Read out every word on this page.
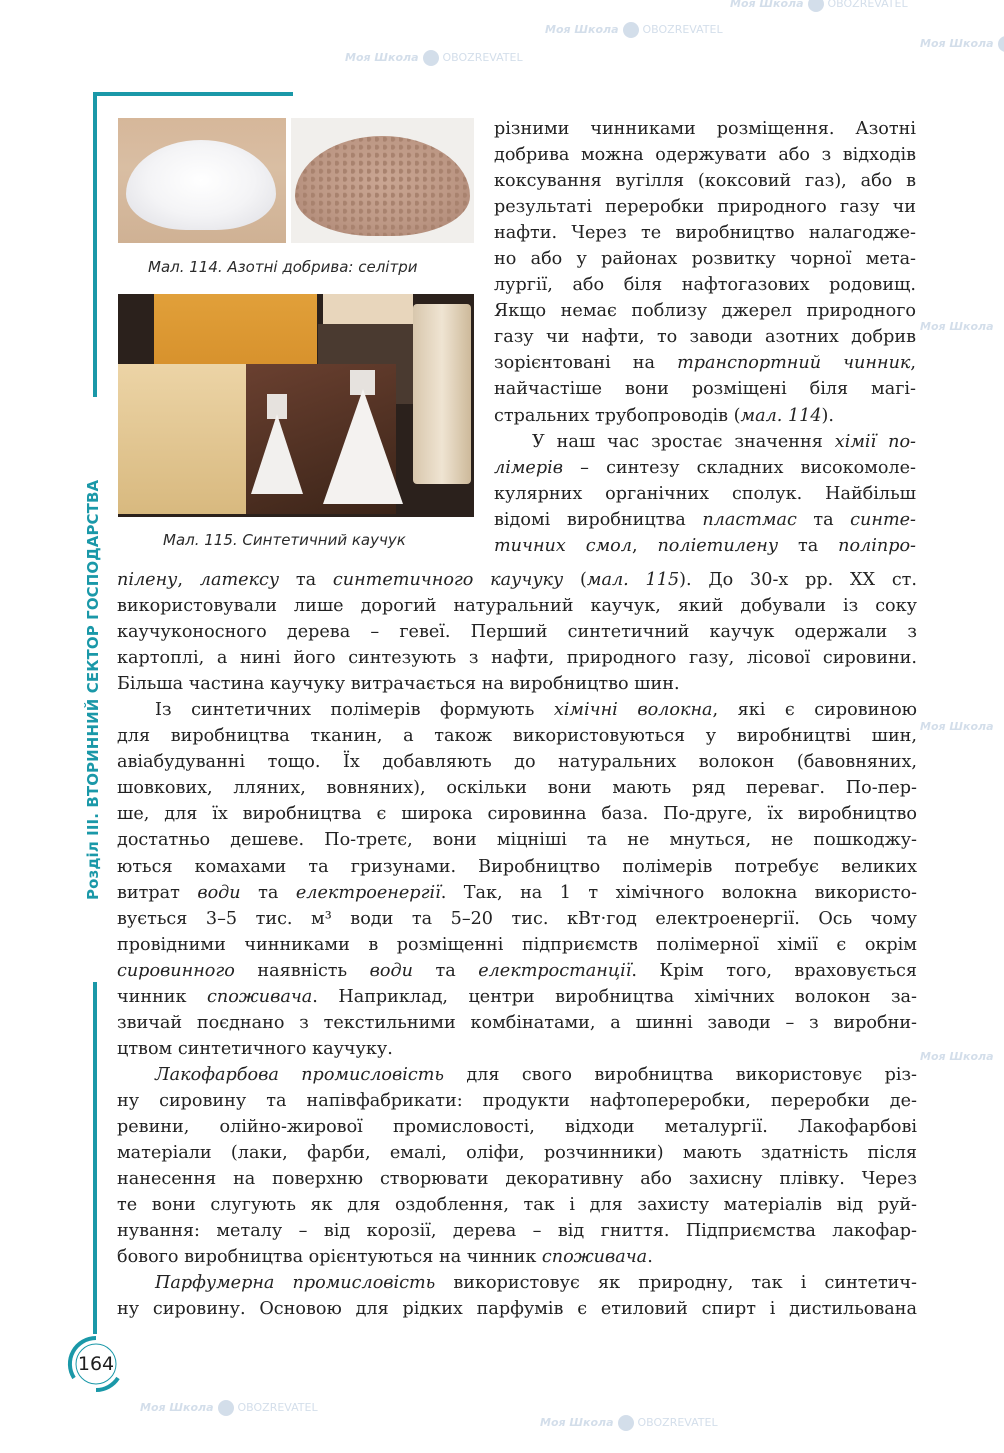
Моя Школа OBOZREVATEL
Моя Школа OBOZREVATEL
Моя Школа
Моя Школа OBOZREVATEL
Моя Школа
Моя Школа
Моя Школа
Моя Школа OBOZREVATEL
Моя Школа OBOZREVATEL
Розділ III. ВТОРИННИЙ СЕКТОР ГОСПОДАРСТВА
164
Мал. 114. Азотні добрива: селітри
Мал. 115. Синтетичний каучук
різними чинниками розміщення. Азотні
добрива можна одержувати або з відходів
коксування вугілля (коксовий газ), або в
результаті переробки природного газу чи
нафти. Через те виробництво налагодже-
но або у районах розвитку чорної мета-
лургії, або біля нафтогазових родовищ.
Якщо немає поблизу джерел природного
газу чи нафти, то заводи азотних добрив
зорієнтовані на транспортний чинник,
найчастіше вони розміщені біля магі-
стральних трубопроводів (мал. 114).
У наш час зростає значення хімії по-
лімерів – синтезу складних високомоле-
кулярних органічних сполук. Найбільш
відомі виробництва пластмас та синте-
тичних смол, поліетилену та поліпро-
пілену, латексу та синтетичного каучуку (мал. 115). До 30-х рр. XX ст.
використовували лише дорогий натуральний каучук, який добували із соку
каучуконосного дерева – гевеї. Перший синтетичний каучук одержали з
картоплі, а нині його синтезують з нафти, природного газу, лісової сировини.
Більша частина каучуку витрачається на виробництво шин.
Із синтетичних полімерів формують хімічні волокна, які є сировиною
для виробництва тканин, а також використовуються у виробництві шин,
авіабудуванні тощо. Їх добавляють до натуральних волокон (бавовняних,
шовкових, лляних, вовняних), оскільки вони мають ряд переваг. По-пер-
ше, для їх виробництва є широка сировинна база. По-друге, їх виробництво
достатньо дешеве. По-третє, вони міцніші та не мнуться, не пошкоджу-
ються комахами та гризунами. Виробництво полімерів потребує великих
витрат води та електроенергії. Так, на 1 т хімічного волокна використо-
вується 3–5 тис. м³ води та 5–20 тис. кВт·год електроенергії. Ось чому
провідними чинниками в розміщенні підприємств полімерної хімії є окрім
сировинного наявність води та електростанції. Крім того, враховується
чинник споживача. Наприклад, центри виробництва хімічних волокон за-
звичай поєднано з текстильними комбінатами, а шинні заводи – з виробни-
цтвом синтетичного каучуку.
Лакофарбова промисловість для свого виробництва використовує різ-
ну сировину та напівфабрикати: продукти нафтопереробки, переробки де-
ревини, олійно-жирової промисловості, відходи металургії. Лакофарбові
матеріали (лаки, фарби, емалі, оліфи, розчинники) мають здатність після
нанесення на поверхню створювати декоративну або захисну плівку. Через
те вони слугують як для оздоблення, так і для захисту матеріалів від руй-
нування: металу – від корозії, дерева – від гниття. Підприємства лакофар-
бового виробництва орієнтуються на чинник споживача.
Парфумерна промисловість використовує як природну, так і синтетич-
ну сировину. Основою для рідких парфумів є етиловий спирт і дистильована
